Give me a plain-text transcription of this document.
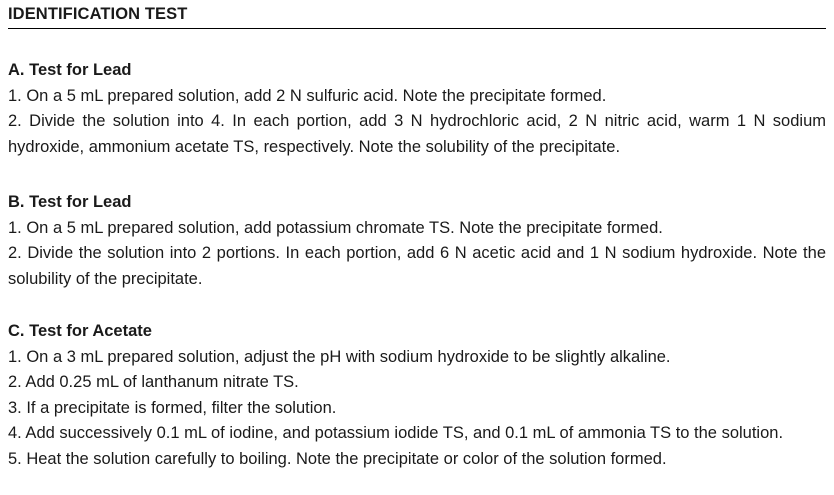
IDENTIFICATION TEST
A. Test for Lead

1. On a 5 mL prepared solution, add 2 N sulfuric acid. Note the precipitate formed.

2. Divide the solution into 4. In each portion, add 3 N hydrochloric acid, 2 N nitric acid, warm 1 N sodium hydroxide, ammonium acetate TS, respectively. Note the solubility of the precipitate.

B. Test for Lead

1. On a 5 mL prepared solution, add potassium chromate TS. Note the precipitate formed.

2. Divide the solution into 2 portions. In each portion, add 6 N acetic acid and 1 N sodium hydroxide. Note the solubility of the precipitate.

C. Test for Acetate

1. On a 3 mL prepared solution, adjust the pH with sodium hydroxide to be slightly alkaline.

2. Add 0.25 mL of lanthanum nitrate TS.

3. If a precipitate is formed, filter the solution.

4. Add successively 0.1 mL of iodine, and potassium iodide TS, and 0.1 mL of ammonia TS to the solution.

5. Heat the solution carefully to boiling. Note the precipitate or color of the solution formed.
